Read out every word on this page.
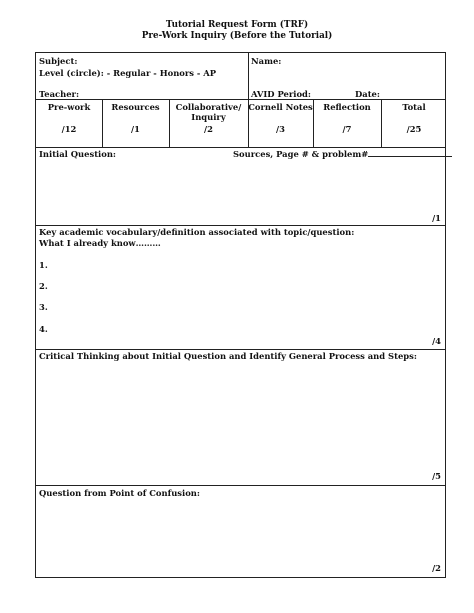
Tutorial Request Form (TRF)
Pre-Work Inquiry (Before the Tutorial)
Subject:
Level (circle): - Regular - Honors - AP
Teacher:
Name:
AVID Period:	Date:
Pre-work
/12
Resources
/1
Collaborative/
Inquiry
/2
Cornell Notes
/3
Reflection
/7
Total
/25
Initial Question:	Sources, Page # & problem#
/1
Key academic vocabulary/definition associated with topic/question:
What I already know………
1.
2.
3.
4.
/4
Critical Thinking about Initial Question and Identify General Process and Steps:
/5
Question from Point of Confusion:
/2
